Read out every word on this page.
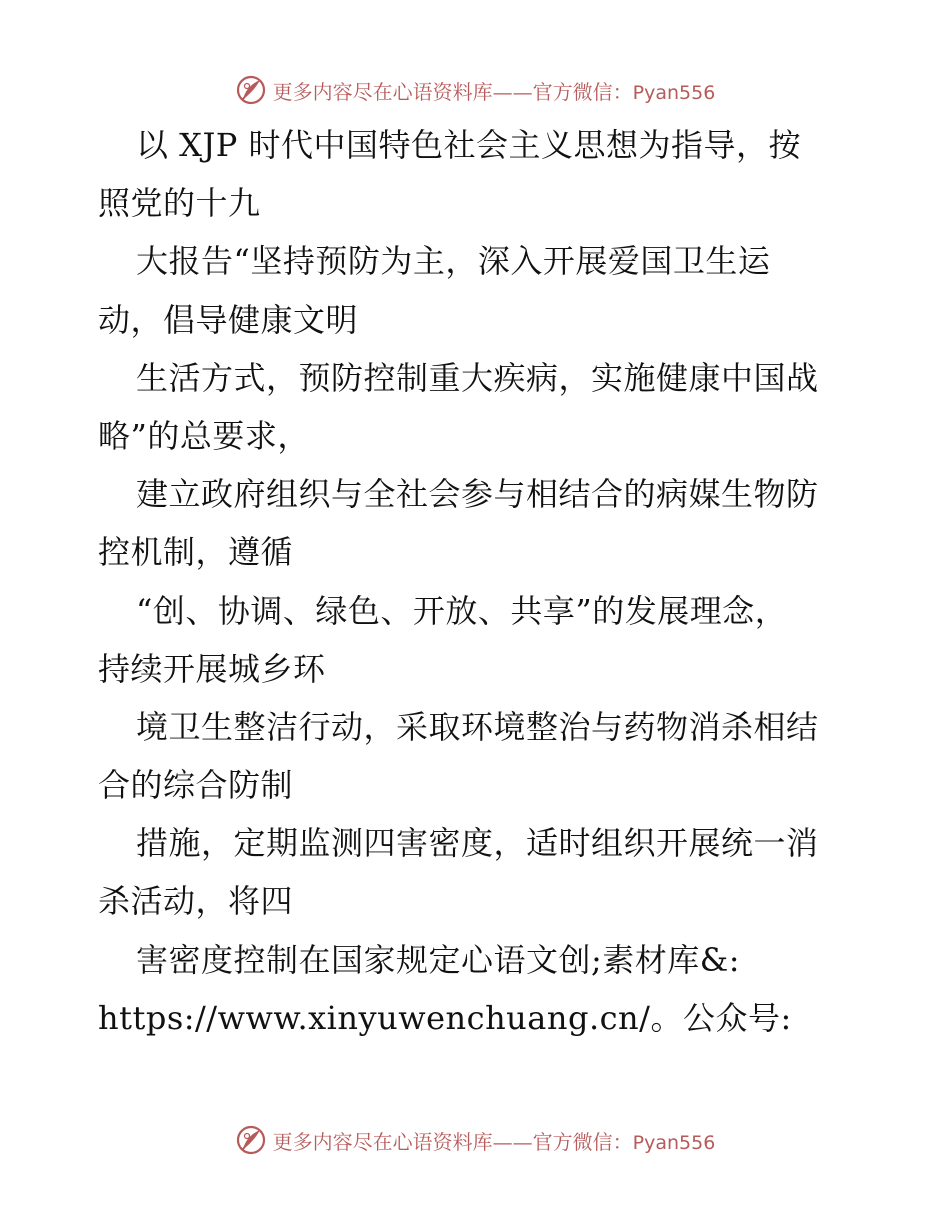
更多内容尽在心语资料库——官方微信：Pyan556
以 XJP 时代中国特色社会主义思想为指导，按
照党的十九
大报告“坚持预防为主，深入开展爱国卫生运
动，倡导健康文明
生活方式，预防控制重大疾病，实施健康中国战
略”的总要求，
建立政府组织与全社会参与相结合的病媒生物防
控机制，遵循
“创、协调、绿色、开放、共享”的发展理念，
持续开展城乡环
境卫生整洁行动，采取环境整治与药物消杀相结
合的综合防制
措施，定期监测四害密度，适时组织开展统一消
杀活动，将四
害密度控制在国家规定心语文创;素材库&:
https://www.xinyuwenchuang.cn/。公众号:
更多内容尽在心语资料库——官方微信：Pyan556
